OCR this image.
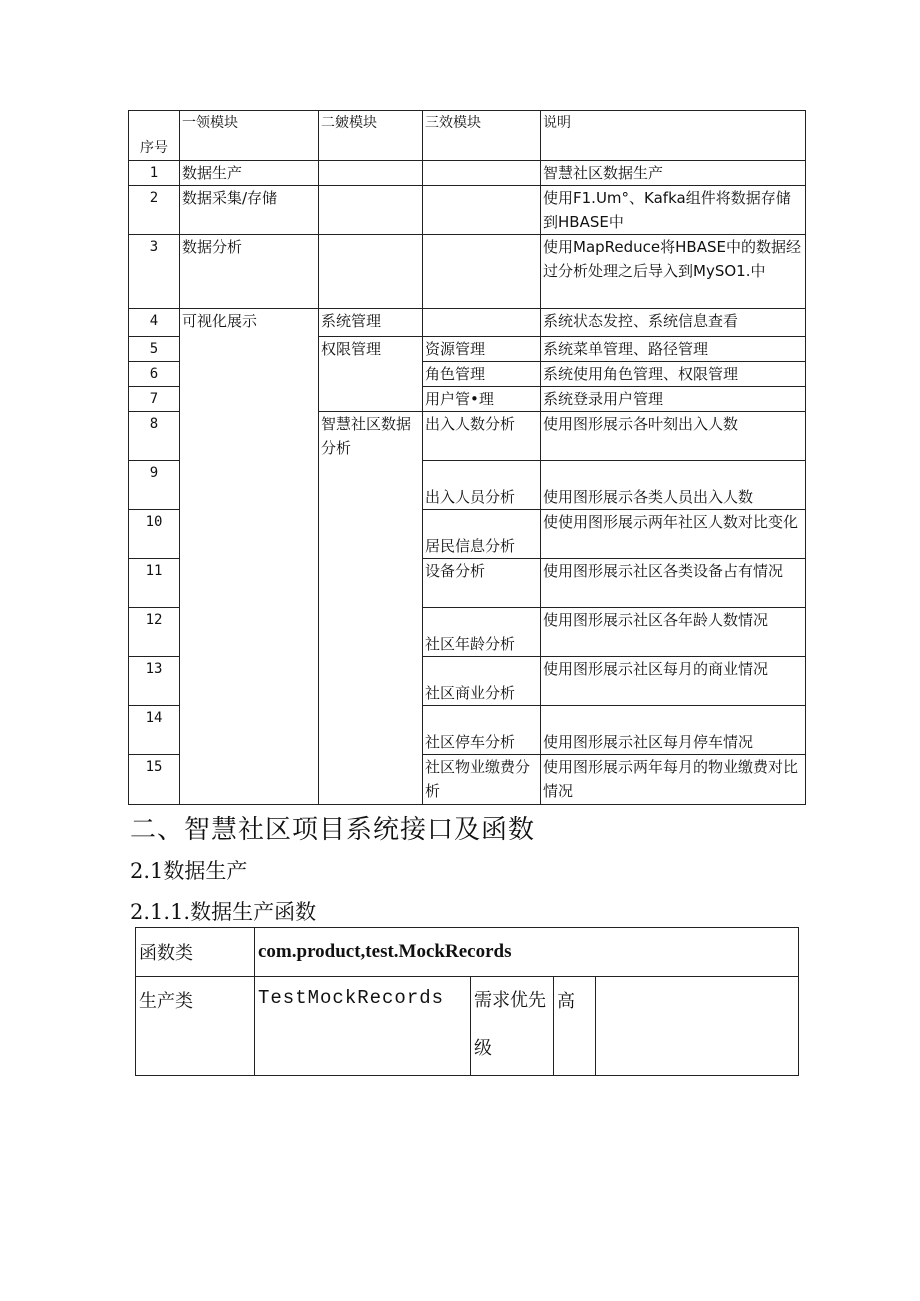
序号	一领模块	二皴模块	三效模块	说明
1	数据生产			智慧社区数据生产
2	数据采集/存储			使用F1.Um°、Kafka组件将数据存储到HBASE中
3	数据分析			使用MapReduce将HBASE中的数据经过分析处理之后导入到MySO1.中
4	可视化展示	系统管理		系统状态发控、系统信息查看
5		权限管理	资源管理	系统菜单管理、路径管理
6			角色管理	系统使用角色管理、权限管理
7			用户管•理	系统登录用户管理
8		智慧社区数据分析	出入人数分析	使用图形展示各叶刻出入人数
9			出入人员分析	使用图形展示各类人员出入人数
10			居民信息分析	使使用图形展示两年社区人数对比变化
11			设备分析	使用图形展示社区各类设备占有情况
12			社区年龄分析	使用图形展示社区各年龄人数情况
13			社区商业分析	使用图形展示社区每月的商业情况
14			社区停车分析	使用图形展示社区每月停车情况
15			社区物业缴费分析	使用图形展示两年每月的物业缴费对比情况
二、智慧社区项目系统接口及函数
2.1数据生产
2.1.1.数据生产函数
函数类	com.product,test.MockRecords			
生产类	TestMockRecords	需求优先级	高	
